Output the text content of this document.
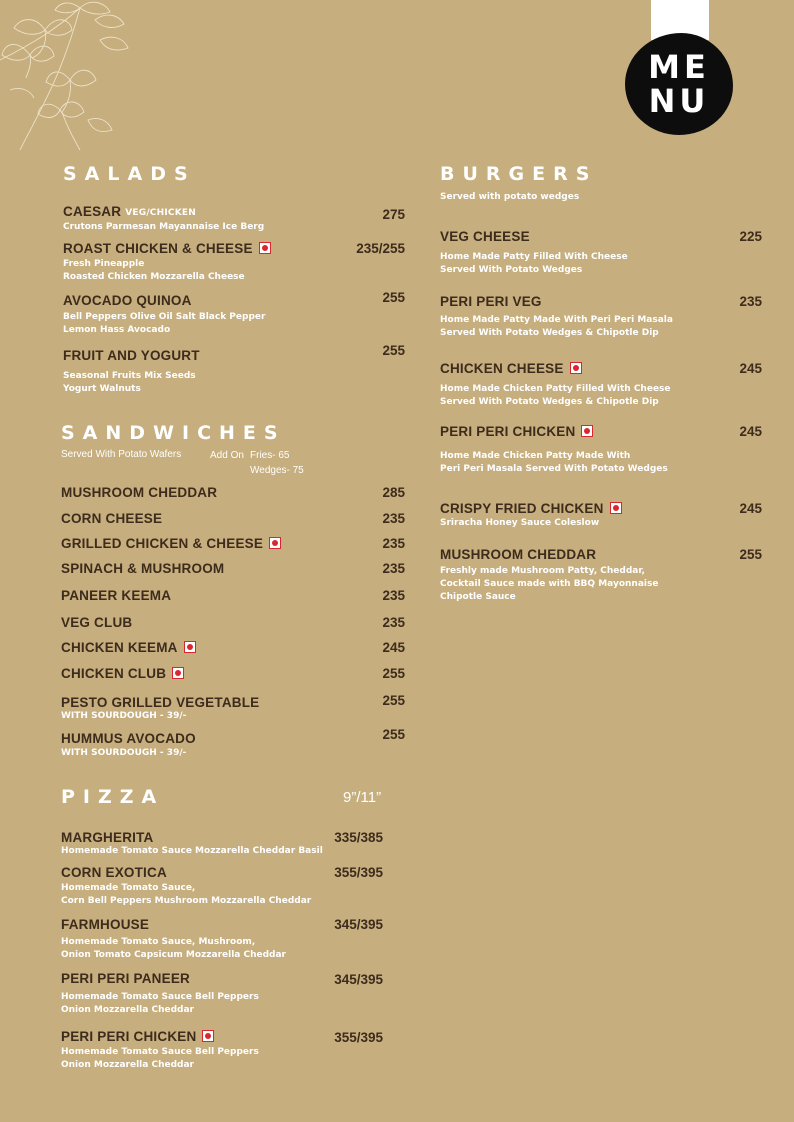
ME NU
SALADS
SANDWICHES
Served With Potato Wafers	Add On Fries- 65
Wedges- 75
PIZZA	9”/11”
BURGERS
Served with potato wedges
CAESAR VEG/CHICKEN	275
Crutons Parmesan Mayannaise Ice Berg
ROAST CHICKEN & CHEESE	235/255
Fresh Pineapple
Roasted Chicken Mozzarella Cheese
AVOCADO QUINOA	255
Bell Peppers Olive Oil Salt Black Pepper
Lemon Hass Avocado
FRUIT AND YOGURT	255
Seasonal Fruits Mix Seeds
Yogurt Walnuts
MUSHROOM CHEDDAR	285
CORN CHEESE	235
GRILLED CHICKEN & CHEESE	235
SPINACH & MUSHROOM	235
PANEER KEEMA	235
VEG CLUB	235
CHICKEN KEEMA	245
CHICKEN CLUB	255
PESTO GRILLED VEGETABLE	255
WITH SOURDOUGH - 39/-
HUMMUS AVOCADO	255
WITH SOURDOUGH - 39/-
MARGHERITA	335/385
Homemade Tomato Sauce Mozzarella Cheddar Basil
CORN EXOTICA	355/395
Homemade Tomato Sauce,
Corn Bell Peppers Mushroom Mozzarella Cheddar
FARMHOUSE	345/395
Homemade Tomato Sauce, Mushroom,
Onion Tomato Capsicum Mozzarella Cheddar
PERI PERI PANEER	345/395
Homemade Tomato Sauce Bell Peppers
Onion Mozzarella Cheddar
PERI PERI CHICKEN	355/395
Homemade Tomato Sauce Bell Peppers
Onion Mozzarella Cheddar
VEG CHEESE	225
Home Made Patty Filled With Cheese
Served With Potato Wedges
PERI PERI VEG	235
Home Made Patty Made With Peri Peri Masala
Served With Potato Wedges & Chipotle Dip
CHICKEN CHEESE	245
Home Made Chicken Patty Filled With Cheese
Served With Potato Wedges & Chipotle Dip
PERI PERI CHICKEN	245
Home Made Chicken Patty Made With
Peri Peri Masala Served With Potato Wedges
CRISPY FRIED CHICKEN	245
Sriracha Honey Sauce Coleslow
MUSHROOM CHEDDAR	255
Freshly made Mushroom Patty, Cheddar,
Cocktail Sauce made with BBQ Mayonnaise
Chipotle Sauce
